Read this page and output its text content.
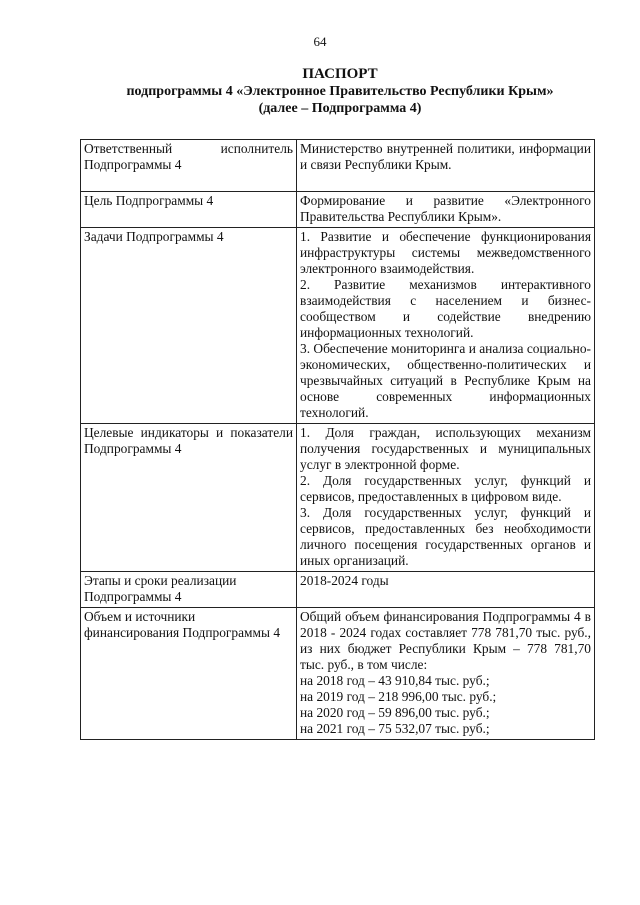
64
ПАСПОРТ
подпрограммы 4 «Электронное Правительство Республики Крым»
(далее – Подпрограмма 4)
Ответственный исполнитель Подпрограммы 4	Министерство внутренней политики, информации и связи Республики Крым.

Цель Подпрограммы 4	Формирование и развитие «Электронного Правительства Республики Крым».
Задачи Подпрограммы 4	1. Развитие и обеспечение функционирования инфраструктуры системы межведомственного электронного взаимодействия.

2. Развитие механизмов интерактивного взаимодействия с населением и бизнес-сообществом и содействие внедрению информационных технологий.

3. Обеспечение мониторинга и анализа социально-экономических, общественно-политических и чрезвычайных ситуаций в Республике Крым на основе современных информационных технологий.

Целевые индикаторы и показатели Подпрограммы 4	1. Доля граждан, использующих механизм получения государственных и муниципальных услуг в электронной форме.

2. Доля государственных услуг, функций и сервисов, предоставленных в цифровом виде.

3. Доля государственных услуг, функций и сервисов, предоставленных без необходимости личного посещения государственных органов и иных организаций.

Этапы и сроки реализации Подпрограммы 4	2018-2024 годы
Объем и источники финансирования Подпрограммы 4	Общий объем финансирования Подпрограммы 4 в 2018 - 2024 годах составляет 778 781,70 тыс. руб., из них бюджет Республики Крым – 778 781,70 тыс. руб., в том числе:

на 2018 год – 43 910,84 тыс. руб.;

на 2019 год – 218 996,00 тыс. руб.;

на 2020 год – 59 896,00 тыс. руб.;

на 2021 год – 75 532,07 тыс. руб.;
